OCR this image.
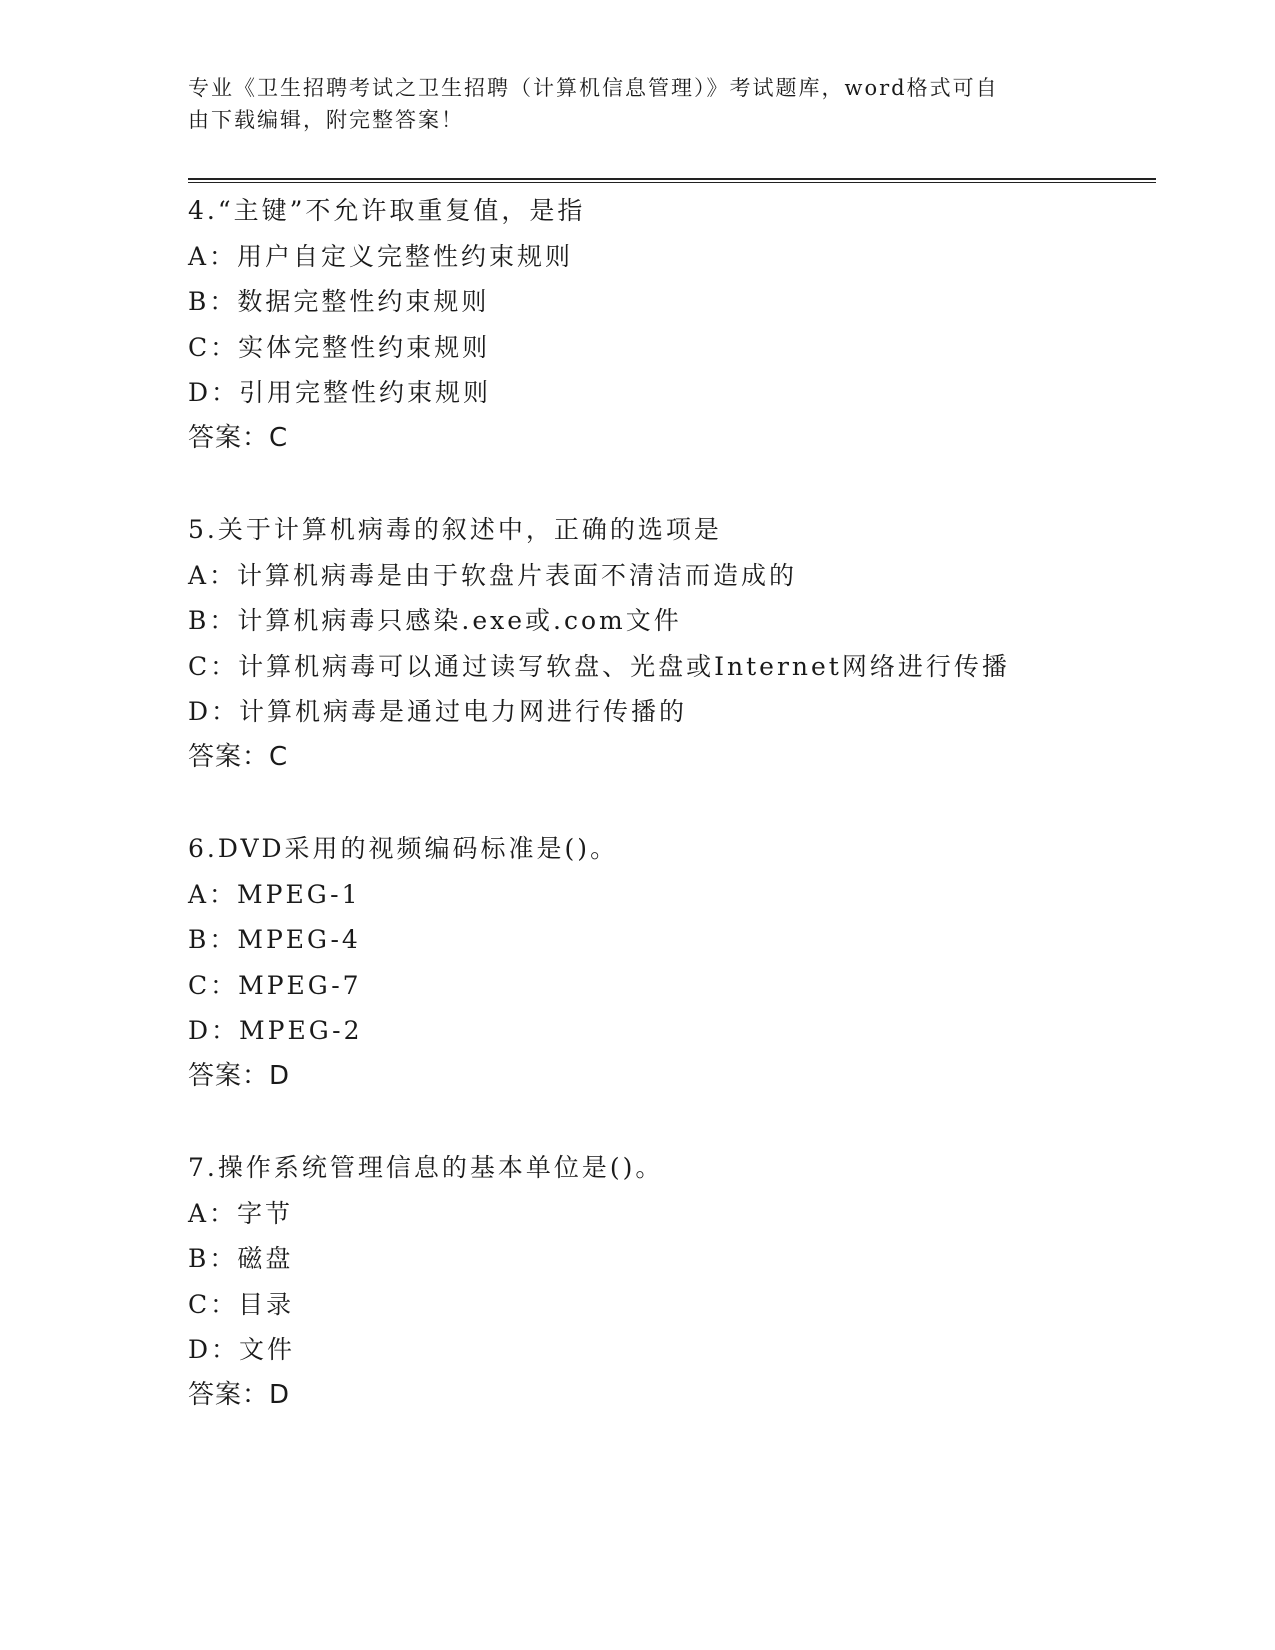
专业《卫生招聘考试之卫生招聘（计算机信息管理）》考试题库，word格式可自
由下载编辑，附完整答案！
4.“主键”不允许取重复值，是指
A：用户自定义完整性约束规则
B：数据完整性约束规则
C：实体完整性约束规则
D：引用完整性约束规则
答案：C
5.关于计算机病毒的叙述中，正确的选项是
A：计算机病毒是由于软盘片表面不清洁而造成的
B：计算机病毒只感染.exe或.com文件
C：计算机病毒可以通过读写软盘、光盘或Internet网络进行传播
D：计算机病毒是通过电力网进行传播的
答案：C
6.DVD采用的视频编码标准是()。
A：MPEG-1
B：MPEG-4
C：MPEG-7
D：MPEG-2
答案：D
7.操作系统管理信息的基本单位是()。
A：字节
B：磁盘
C：目录
D：文件
答案：D
